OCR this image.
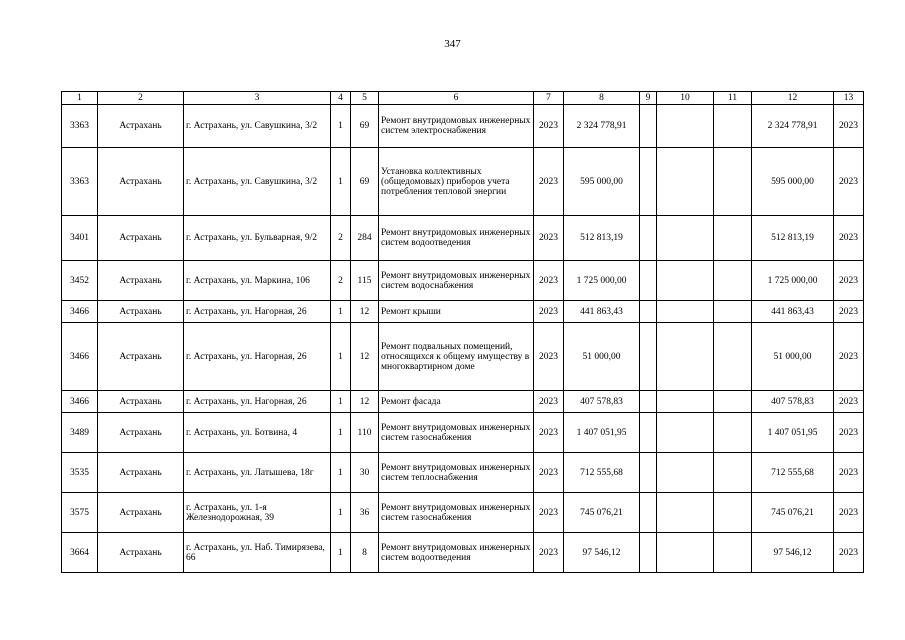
347
1	2	3	4	5	6	7	8	9	10	11	12	13
3363	Астрахань	г. Астрахань, ул. Савушкина, 3/2	1	69	Ремонт внутридомовых инженерных систем электроснабжения	2023	2 324 778,91				2 324 778,91	2023
3363	Астрахань	г. Астрахань, ул. Савушкина, 3/2	1	69	Установка коллективных (общедомовых) приборов учета потребления тепловой энергии	2023	595 000,00				595 000,00	2023
3401	Астрахань	г. Астрахань, ул. Бульварная, 9/2	2	284	Ремонт внутридомовых инженерных систем водоотведения	2023	512 813,19				512 813,19	2023
3452	Астрахань	г. Астрахань, ул. Маркина, 106	2	115	Ремонт внутридомовых инженерных систем водоснабжения	2023	1 725 000,00				1 725 000,00	2023
3466	Астрахань	г. Астрахань, ул. Нагорная, 26	1	12	Ремонт крыши	2023	441 863,43				441 863,43	2023
3466	Астрахань	г. Астрахань, ул. Нагорная, 26	1	12	Ремонт подвальных помещений, относящихся к общему имуществу в многоквартирном доме	2023	51 000,00				51 000,00	2023
3466	Астрахань	г. Астрахань, ул. Нагорная, 26	1	12	Ремонт фасада	2023	407 578,83				407 578,83	2023
3489	Астрахань	г. Астрахань, ул. Ботвина, 4	1	110	Ремонт внутридомовых инженерных систем газоснабжения	2023	1 407 051,95				1 407 051,95	2023
3535	Астрахань	г. Астрахань, ул. Латышева, 18г	1	30	Ремонт внутридомовых инженерных систем теплоснабжения	2023	712 555,68				712 555,68	2023
3575	Астрахань	г. Астрахань, ул. 1-я Железнодорожная, 39	1	36	Ремонт внутридомовых инженерных систем газоснабжения	2023	745 076,21				745 076,21	2023
3664	Астрахань	г. Астрахань, ул. Наб. Тимирязева, 66	1	8	Ремонт внутридомовых инженерных систем водоотведения	2023	97 546,12				97 546,12	2023
